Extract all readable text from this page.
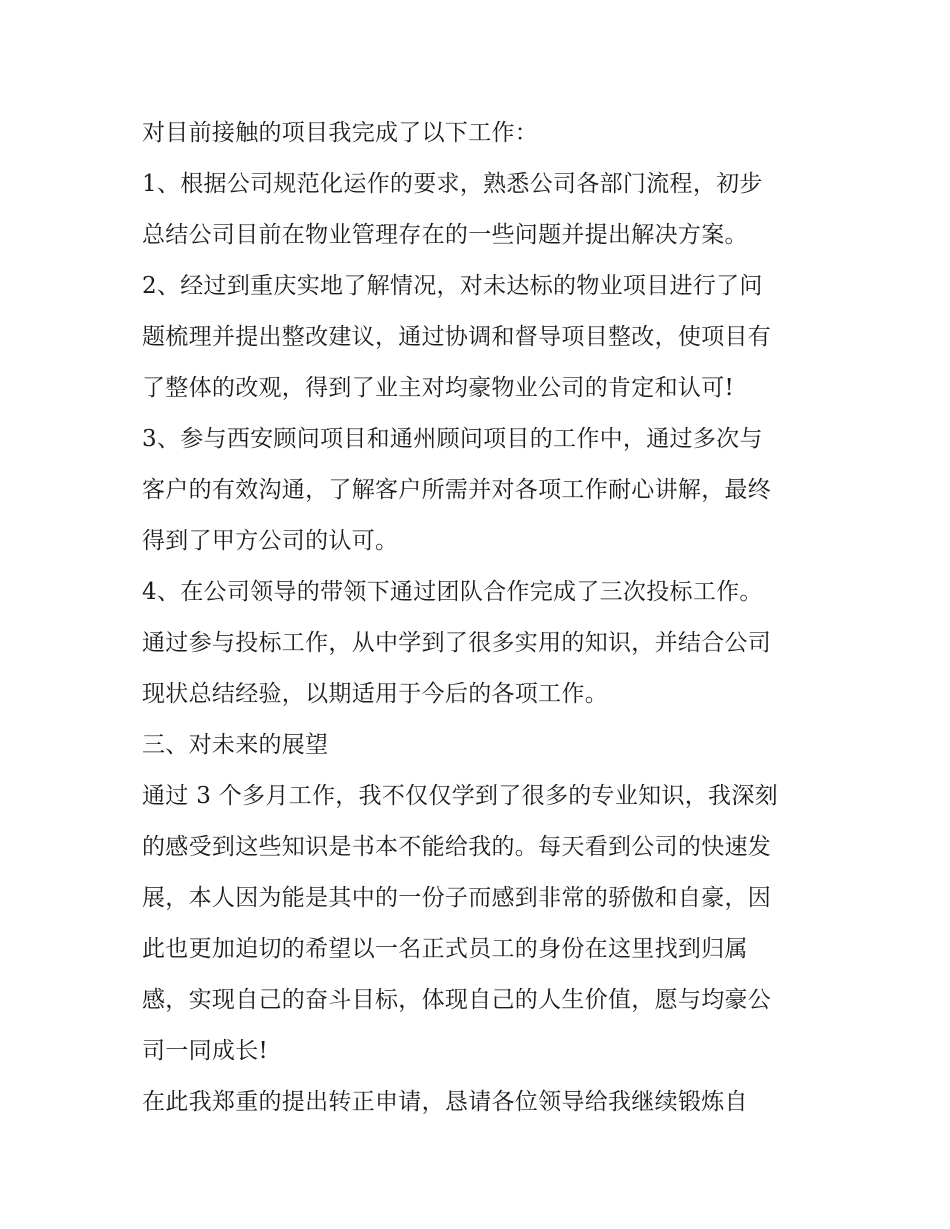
对目前接触的项目我完成了以下工作：

1、根据公司规范化运作的要求，熟悉公司各部门流程，初步
总结公司目前在物业管理存在的一些问题并提出解决方案。

2、经过到重庆实地了解情况，对未达标的物业项目进行了问
题梳理并提出整改建议，通过协调和督导项目整改，使项目有
了整体的改观，得到了业主对均豪物业公司的肯定和认可!

3、参与西安顾问项目和通州顾问项目的工作中，通过多次与
客户的有效沟通，了解客户所需并对各项工作耐心讲解，最终
得到了甲方公司的认可。

4、在公司领导的带领下通过团队合作完成了三次投标工作。
通过参与投标工作，从中学到了很多实用的知识，并结合公司
现状总结经验，以期适用于今后的各项工作。

三、对未来的展望

通过 3 个多月工作，我不仅仅学到了很多的专业知识，我深刻
的感受到这些知识是书本不能给我的。每天看到公司的快速发
展，本人因为能是其中的一份子而感到非常的骄傲和自豪，因
此也更加迫切的希望以一名正式员工的身份在这里找到归属
感，实现自己的奋斗目标，体现自己的人生价值，愿与均豪公
司一同成长!

在此我郑重的提出转正申请，恳请各位领导给我继续锻炼自
